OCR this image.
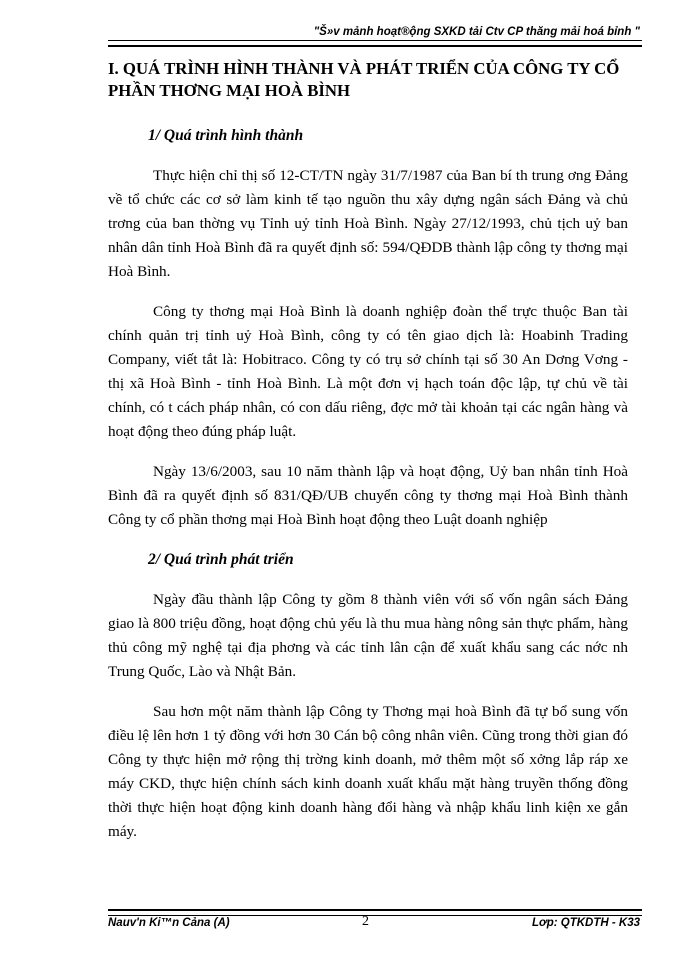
"Š»v mảnh hoạt®ộng SXKD tải Ctv CP thăng mải hoá bỉnh "
I. QUÁ TRÌNH HÌNH THÀNH VÀ PHÁT TRIỂN CỦA CÔNG TY CỔ PHẦN THƠNG MẠI HOÀ BÌNH
1/ Quá trình hình thành

Thực hiện chỉ thị số 12-CT/TN ngày 31/7/1987 của Ban bí th trung ơng Đảng về tổ chức các cơ sở làm kinh tế tạo nguồn thu xây dựng ngân sách Đảng và chủ trơng của ban thờng vụ Tỉnh uỷ tỉnh Hoà Bình. Ngày 27/12/1993, chủ tịch uỷ ban nhân dân tỉnh Hoà Bình đã ra quyết định số: 594/QĐDB thành lập công ty thơng mại Hoà Bình.

Công ty thơng mại Hoà Bình là doanh nghiệp đoàn thể trực thuộc Ban tài chính quản trị tỉnh uỷ Hoà Bình, công ty có tên giao dịch là: Hoabinh Trading Company, viết tắt là: Hobitraco. Công ty có trụ sở chính tại số 30 An Dơng Vơng - thị xã Hoà Bình - tỉnh Hoà Bình. Là một đơn vị hạch toán độc lập, tự chủ về tài chính, có t cách pháp nhân, có con dấu riêng, đợc mở tài khoản tại các ngân hàng và hoạt động theo đúng pháp luật.

Ngày 13/6/2003, sau 10 năm thành lập và hoạt động, Uỷ ban nhân tỉnh Hoà Bình đã ra quyết định số 831/QĐ/UB chuyển công ty thơng mại Hoà Bình thành Công ty cổ phần thơng mại Hoà Bình hoạt động theo Luật doanh nghiệp

2/ Quá trình phát triển

Ngày đầu thành lập Công ty gồm 8 thành viên với số vốn ngân sách Đảng giao là 800 triệu đồng, hoạt động chủ yếu là thu mua hàng nông sản thực phẩm, hàng thủ công mỹ nghệ tại địa phơng và các tỉnh lân cận để xuất khẩu sang các nớc nh Trung Quốc, Lào và Nhật Bản.

Sau hơn một năm thành lập Công ty Thơng mại hoà Bình đã tự bổ sung vốn điều lệ lên hơn 1 tỷ đồng với hơn 30 Cán bộ công nhân viên. Cũng trong thời gian đó Công ty thực hiện mở rộng thị trờng kinh doanh, mở thêm một số xởng lắp ráp xe máy CKD, thực hiện chính sách kinh doanh xuất khẩu mặt hàng truyền thống đồng thời thực hiện hoạt động kinh doanh hàng đổi hàng và nhập khẩu linh kiện xe gắn máy.

Nauv'n Ki™n Cảna (A)	2	Lơp: QTKDTH - K33
